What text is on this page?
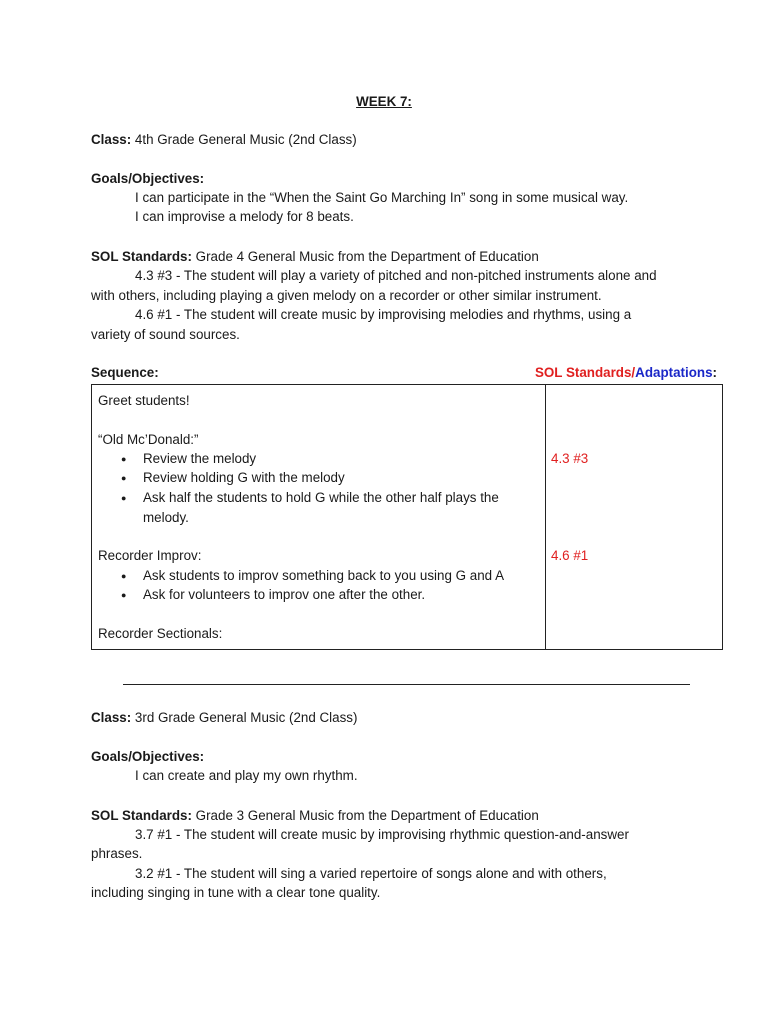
WEEK 7:
Class: 4th Grade General Music (2nd Class)
Goals/Objectives:
I can participate in the “When the Saint Go Marching In” song in some musical way.
I can improvise a melody for 8 beats.
SOL Standards: Grade 4 General Music from the Department of Education
4.3 #3 - The student will play a variety of pitched and non-pitched instruments alone and
with others, including playing a given melody on a recorder or other similar instrument.
4.6 #1 - The student will create music by improvising melodies and rhythms, using a
variety of sound sources.
Sequence:	SOL Standards/Adaptations:
Greet students!
“Old Mc’Donald:”
● Review the melody
● Review holding G with the melody
● Ask half the students to hold G while the other half plays the
melody.
Recorder Improv:
● Ask students to improv something back to you using G and A
● Ask for volunteers to improv one after the other.
Recorder Sectionals:
4.3 #3
4.6 #1
Class: 3rd Grade General Music (2nd Class)
Goals/Objectives:
I can create and play my own rhythm.
SOL Standards: Grade 3 General Music from the Department of Education
3.7 #1 - The student will create music by improvising rhythmic question-and-answer
phrases.
3.2 #1 - The student will sing a varied repertoire of songs alone and with others,
including singing in tune with a clear tone quality.
